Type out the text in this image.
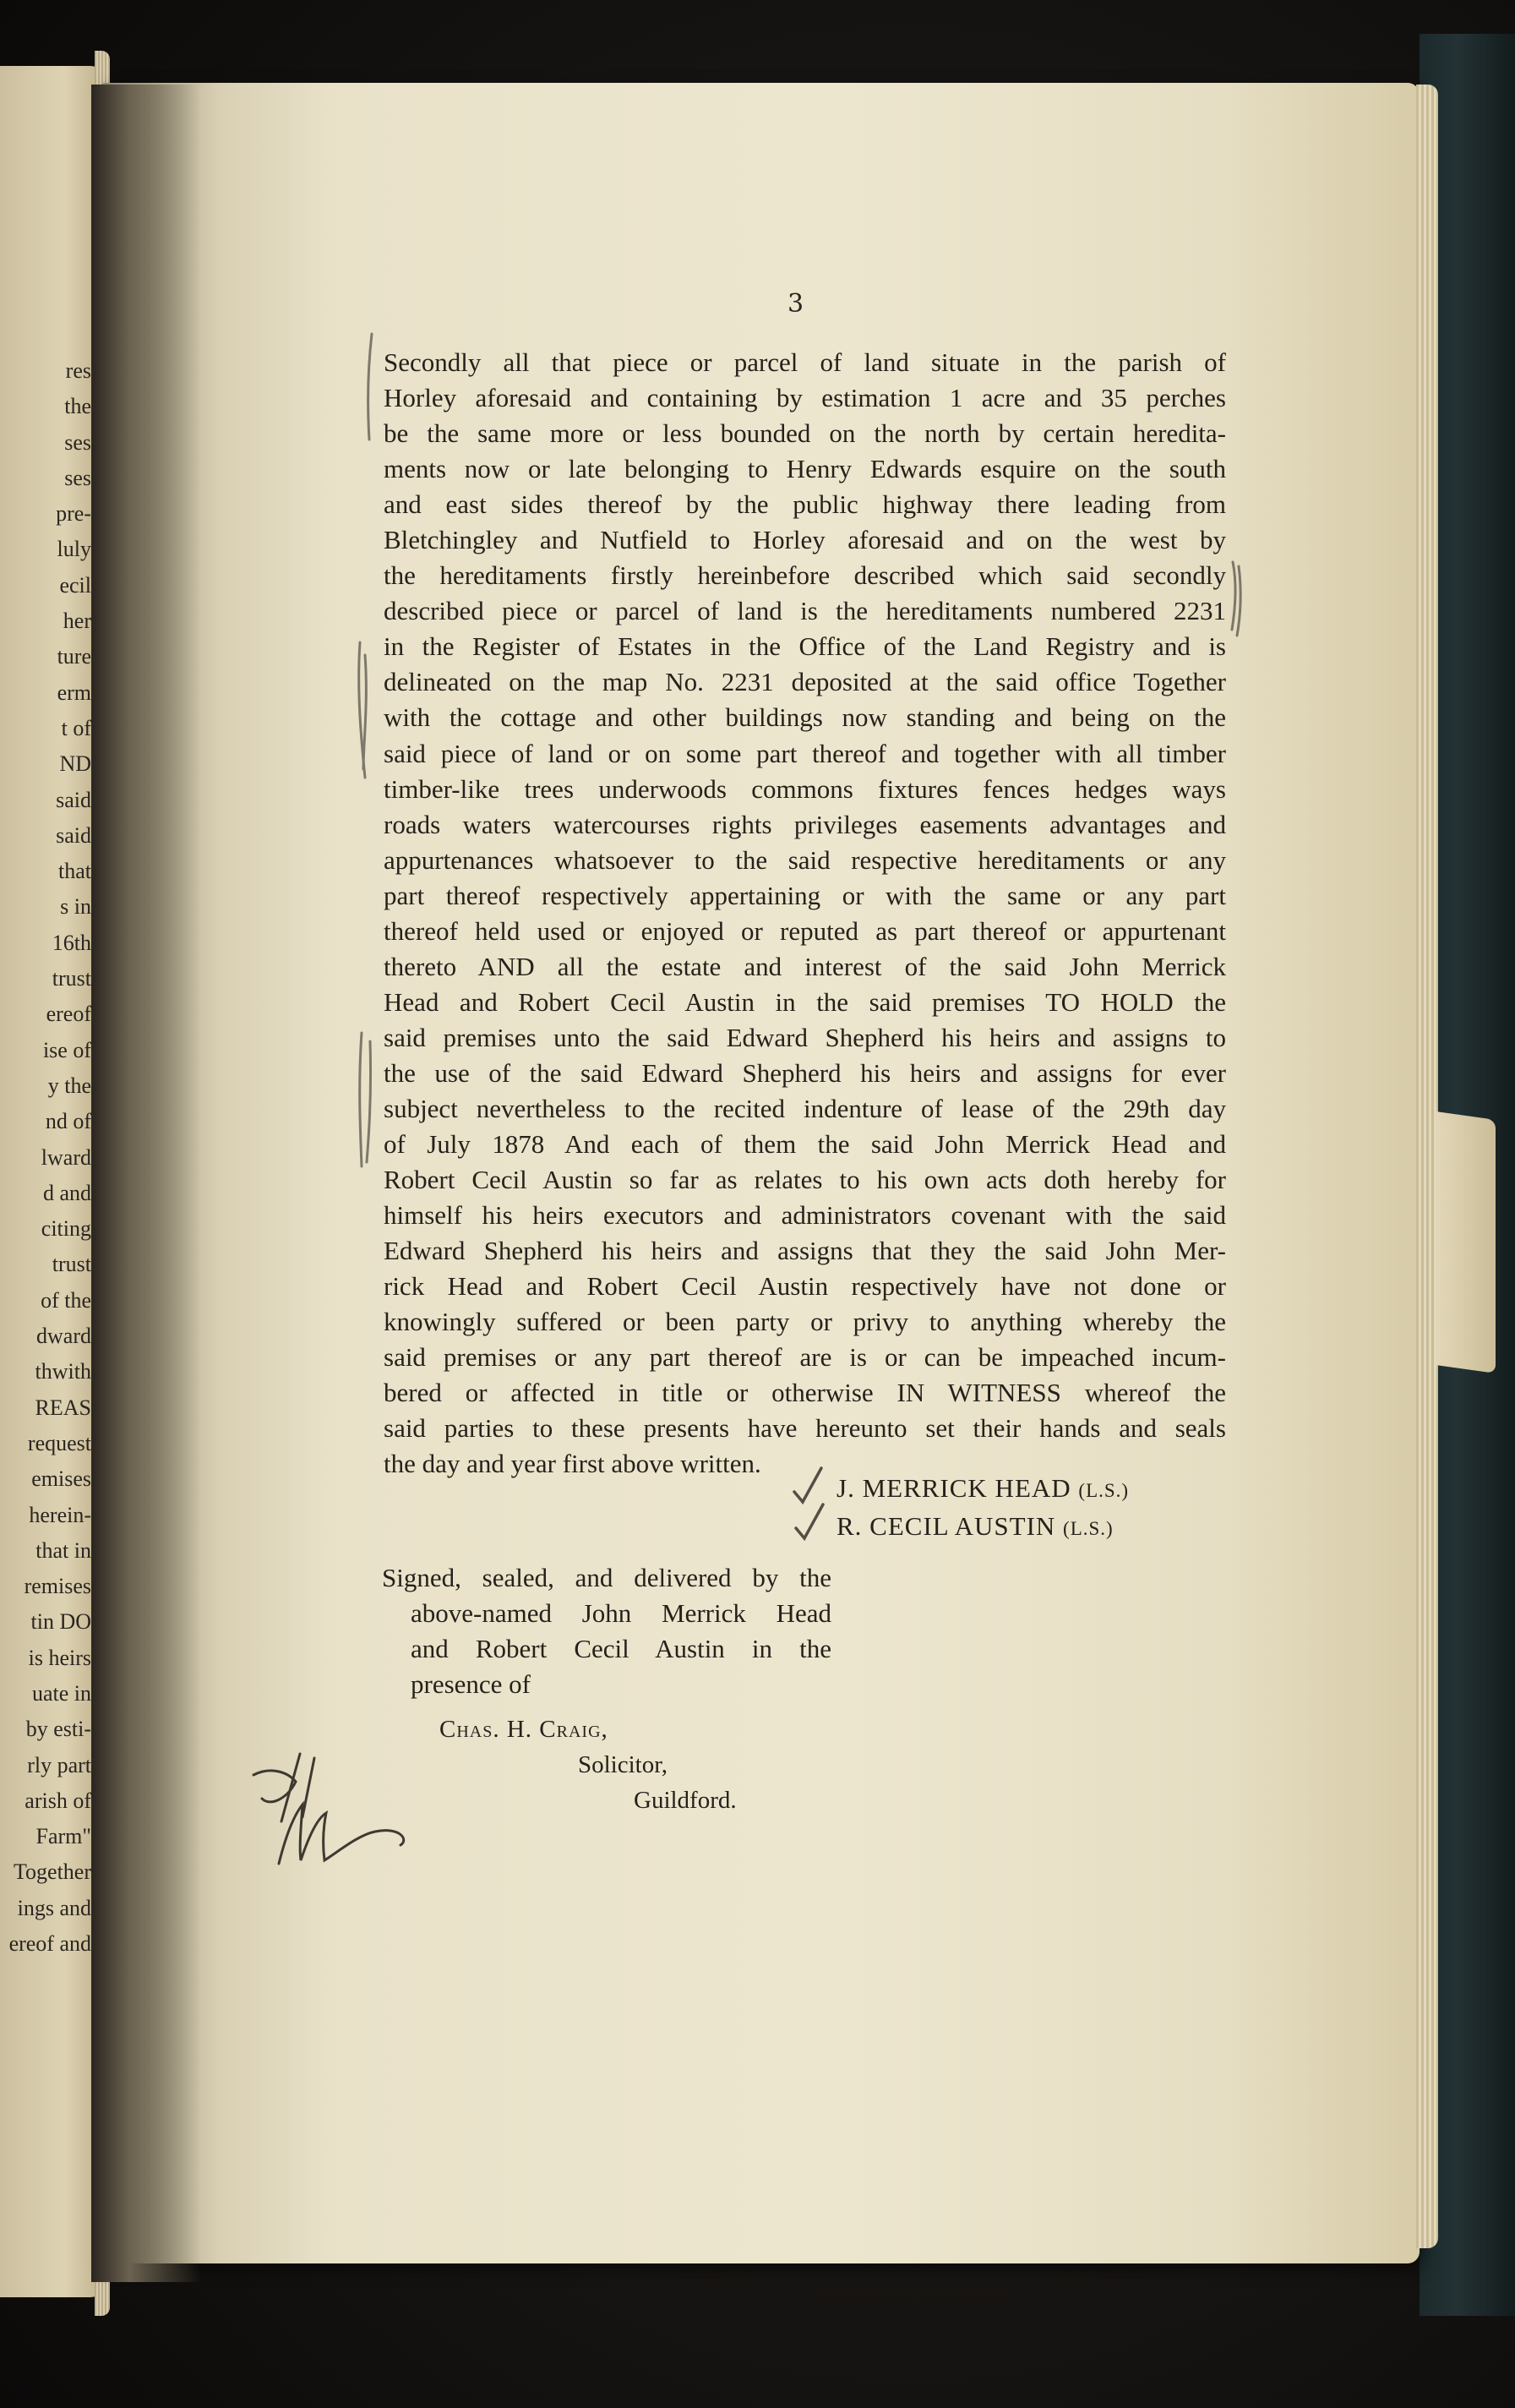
res
the
ses
ses
pre-
luly
ecil
her
ture
erm
t of
ND
said
said
that
s in
16th
trust
ereof
ise of
y the
nd of
lward
d and
citing
trust
of the
dward
thwith
REAS
request
emises
herein-
that in
remises
tin DO
is heirs
uate in
by esti-
rly part
arish of
Farm"
Together
ings and
ereof and
3
Secondly all that piece or parcel of land situate in the parish of
Horley aforesaid and containing by estimation 1 acre and 35 perches
be the same more or less bounded on the north by certain heredita-
ments now or late belonging to Henry Edwards esquire on the south
and east sides thereof by the public highway there leading from
Bletchingley and Nutfield to Horley aforesaid and on the west by
the hereditaments firstly hereinbefore described which said secondly
described piece or parcel of land is the hereditaments numbered 2231
in the Register of Estates in the Office of the Land Registry and is
delineated on the map No. 2231 deposited at the said office Together
with the cottage and other buildings now standing and being on the
said piece of land or on some part thereof and together with all timber
timber-like trees underwoods commons fixtures fences hedges ways
roads waters watercourses rights privileges easements advantages and
appurtenances whatsoever to the said respective hereditaments or any
part thereof respectively appertaining or with the same or any part
thereof held used or enjoyed or reputed as part thereof or appurtenant
thereto AND all the estate and interest of the said John Merrick
Head and Robert Cecil Austin in the said premises TO HOLD the
said premises unto the said Edward Shepherd his heirs and assigns to
the use of the said Edward Shepherd his heirs and assigns for ever
subject nevertheless to the recited indenture of lease of the 29th day
of July 1878 And each of them the said John Merrick Head and
Robert Cecil Austin so far as relates to his own acts doth hereby for
himself his heirs executors and administrators covenant with the said
Edward Shepherd his heirs and assigns that they the said John Mer-
rick Head and Robert Cecil Austin respectively have not done or
knowingly suffered or been party or privy to anything whereby the
said premises or any part thereof are is or can be impeached incum-
bered or affected in title or otherwise IN WITNESS whereof the
said parties to these presents have hereunto set their hands and seals
the day and year first above written.
J. MERRICK HEAD (L.S.)
R. CECIL AUSTIN (L.S.)
Signed, sealed, and delivered by the
above-named John Merrick Head
and Robert Cecil Austin in the
presence of
Chas. H. Craig,
Solicitor,
Guildford.
